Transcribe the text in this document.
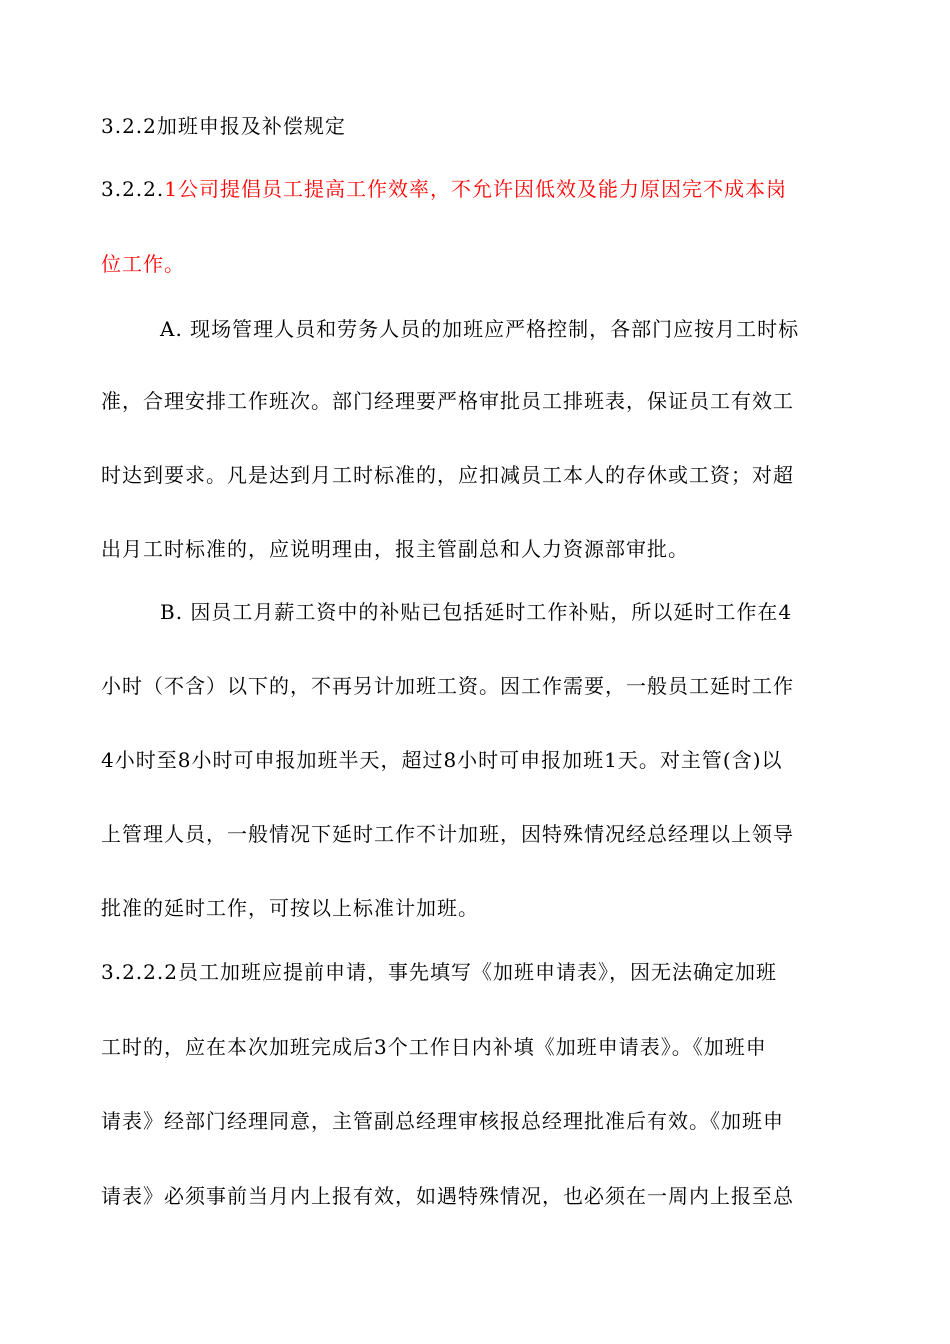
3.2.2加班申报及补偿规定
3.2.2.1公司提倡员工提高工作效率，不允许因低效及能力原因完不成本岗
位工作。
A. 现场管理人员和劳务人员的加班应严格控制，各部门应按月工时标
准，合理安排工作班次。部门经理要严格审批员工排班表，保证员工有效工
时达到要求。凡是达到月工时标准的，应扣减员工本人的存休或工资；对超
出月工时标准的，应说明理由，报主管副总和人力资源部审批。
B. 因员工月薪工资中的补贴已包括延时工作补贴，所以延时工作在4
小时（不含）以下的，不再另计加班工资。因工作需要，一般员工延时工作
4小时至8小时可申报加班半天，超过8小时可申报加班1天。对主管(含)以
上管理人员，一般情况下延时工作不计加班，因特殊情况经总经理以上领导
批准的延时工作，可按以上标准计加班。
3.2.2.2员工加班应提前申请，事先填写《加班申请表》，因无法确定加班
工时的，应在本次加班完成后3个工作日内补填《加班申请表》。《加班申
请表》经部门经理同意，主管副总经理审核报总经理批准后有效。《加班申
请表》必须事前当月内上报有效，如遇特殊情况，也必须在一周内上报至总
